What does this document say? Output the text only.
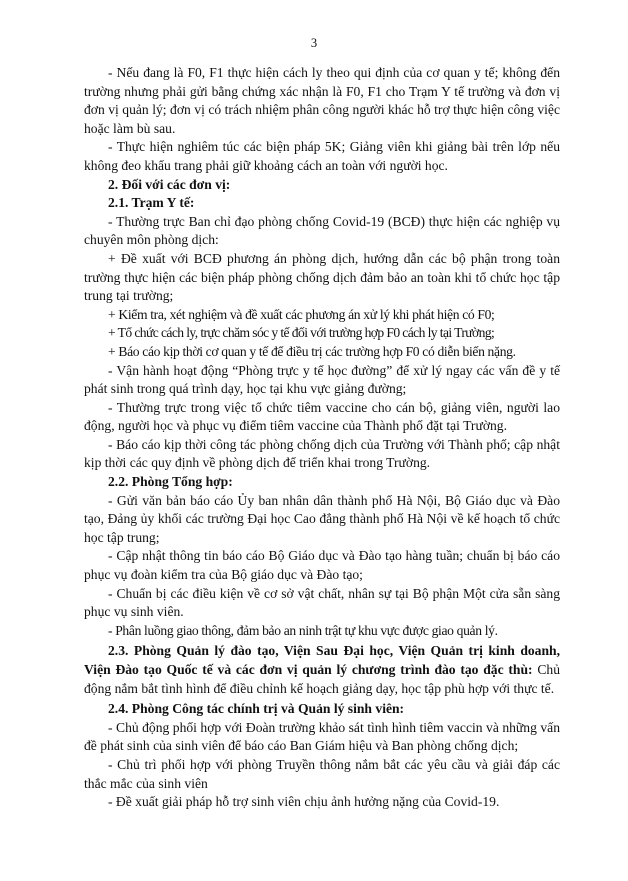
3

- Nếu đang là F0, F1 thực hiện cách ly theo qui định của cơ quan y tế; không đến trường nhưng phải gửi bằng chứng xác nhận là F0, F1 cho Trạm Y tế trường và đơn vị đơn vị quản lý; đơn vị có trách nhiệm phân công người khác hỗ trợ thực hiện công việc hoặc làm bù sau.

- Thực hiện nghiêm túc các biện pháp 5K; Giảng viên khi giảng bài trên lớp nếu không đeo khẩu trang phải giữ khoảng cách an toàn với người học.

2. Đối với các đơn vị:

2.1. Trạm Y tế:

- Thường trực Ban chỉ đạo phòng chống Covid-19 (BCĐ) thực hiện các nghiệp vụ chuyên môn phòng dịch:

+ Đề xuất với BCĐ phương án phòng dịch, hướng dẫn các bộ phận trong toàn trường thực hiện các biện pháp phòng chống dịch đảm bảo an toàn khi tổ chức học tập trung tại trường;

+ Kiểm tra, xét nghiệm và đề xuất các phương án xử lý khi phát hiện có F0;

+ Tổ chức cách ly, trực chăm sóc y tế đối với trường hợp F0 cách ly tại Trường;

+ Báo cáo kịp thời cơ quan y tế để điều trị các trường hợp F0 có diễn biến nặng.

- Vận hành hoạt động “Phòng trực y tế học đường” để xử lý ngay các vấn đề y tế phát sinh trong quá trình dạy, học tại khu vực giảng đường;

- Thường trực trong việc tổ chức tiêm vaccine cho cán bộ, giảng viên, người lao động, người học và phục vụ điểm tiêm vaccine của Thành phố đặt tại Trường.

- Báo cáo kịp thời công tác phòng chống dịch của Trường với Thành phố; cập nhật kịp thời các quy định về phòng dịch để triển khai trong Trường.

2.2. Phòng Tổng hợp:

- Gửi văn bản báo cáo Ủy ban nhân dân thành phố Hà Nội, Bộ Giáo dục và Đào tạo, Đảng ủy khối các trường Đại học Cao đẳng thành phố Hà Nội về kế hoạch tổ chức học tập trung;

- Cập nhật thông tin báo cáo Bộ Giáo dục và Đào tạo hàng tuần; chuẩn bị báo cáo phục vụ đoàn kiểm tra của Bộ giáo dục và Đào tạo;

- Chuẩn bị các điều kiện về cơ sở vật chất, nhân sự tại Bộ phận Một cửa sẵn sàng phục vụ sinh viên.

- Phân luồng giao thông, đảm bảo an ninh trật tự khu vực được giao quản lý.

2.3. Phòng Quản lý đào tạo, Viện Sau Đại học, Viện Quản trị kinh doanh, Viện Đào tạo Quốc tế và các đơn vị quản lý chương trình đào tạo đặc thù: Chủ động nắm bắt tình hình để điều chỉnh kế hoạch giảng dạy, học tập phù hợp với thực tế.

2.4. Phòng Công tác chính trị và Quản lý sinh viên:

- Chủ động phối hợp với Đoàn trường khảo sát tình hình tiêm vaccin và những vấn đề phát sinh của sinh viên để báo cáo Ban Giám hiệu và Ban phòng chống dịch;

- Chủ trì phối hợp với phòng Truyền thông nắm bắt các yêu cầu và giải đáp các thắc mắc của sinh viên

- Đề xuất giải pháp hỗ trợ sinh viên chịu ảnh hưởng nặng của Covid-19.
